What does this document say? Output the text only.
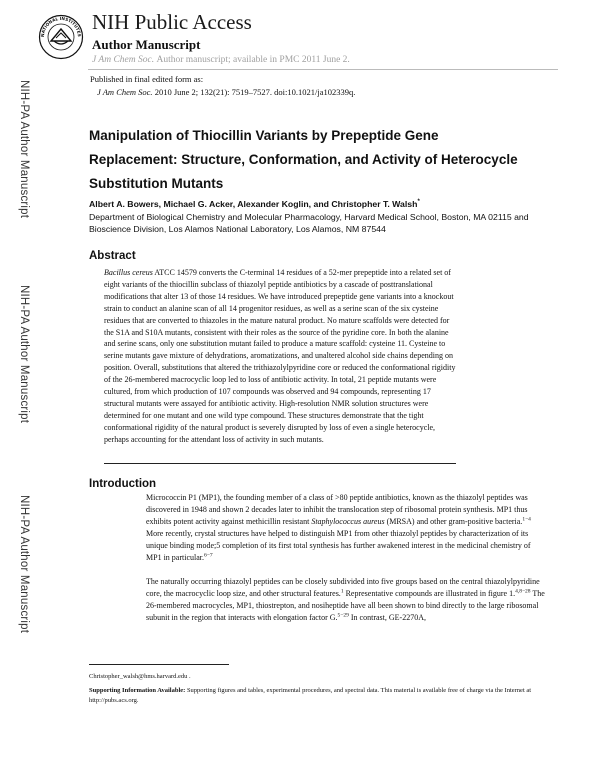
NATIONAL INSTITUTES
NIH Public Access
Author Manuscript
J Am Chem Soc. Author manuscript; available in PMC 2011 June 2.
Published in final edited form as:
J Am Chem Soc. 2010 June 2; 132(21): 7519–7527. doi:10.1021/ja102339q.
NIH-PA Author Manuscript
NIH-PA Author Manuscript
NIH-PA Author Manuscript
Manipulation of Thiocillin Variants by Prepeptide Gene Replacement: Structure, Conformation, and Activity of Heterocycle Substitution Mutants
Albert A. Bowers, Michael G. Acker, Alexander Koglin, and Christopher T. Walsh*
Department of Biological Chemistry and Molecular Pharmacology, Harvard Medical School, Boston, MA 02115 and Bioscience Division, Los Alamos National Laboratory, Los Alamos, NM 87544
Abstract

Bacillus cereus ATCC 14579 converts the C-terminal 14 residues of a 52-mer prepeptide into a related set of eight variants of the thiocillin subclass of thiazolyl peptide antibiotics by a cascade of posttranslational modifications that alter 13 of those 14 residues. We have introduced prepeptide gene variants into a knockout strain to conduct an alanine scan of all 14 progenitor residues, as well as a serine scan of the six cysteine residues that are converted to thiazoles in the mature natural product. No mature scaffolds were detected for the S1A and S10A mutants, consistent with their roles as the source of the pyridine core. In both the alanine and serine scans, only one substitution mutant failed to produce a mature scaffold: cysteine 11. Cysteine to serine mutants gave mixture of dehydrations, aromatizations, and unaltered alcohol side chains depending on position. Overall, substitutions that altered the trithiazolylpyridine core or reduced the conformational rigidity of the 26-membered macrocyclic loop led to loss of antibiotic activity. In total, 21 peptide mutants were cultured, from which production of 107 compounds was observed and 94 compounds, representing 17 structural mutants were assayed for antibiotic activity. High-resolution NMR solution structures were determined for one mutant and one wild type compound. These structures demonstrate that the tight conformational rigidity of the natural product is severely disrupted by loss of even a single heterocycle, perhaps accounting for the attendant loss of activity in such mutants.

Introduction

Micrococcin P1 (MP1), the founding member of a class of >80 peptide antibiotics, known as the thiazolyl peptides was discovered in 1948 and shown 2 decades later to inhibit the translocation step of ribosomal protein synthesis. MP1 thus exhibits potent activity against methicillin resistant Staphylococcus aureus (MRSA) and other gram-positive bacteria.$^{1-4}$ More recently, crystal structures have helped to distinguish MP1 from other thiazolyl peptides by characterization of its unique binding mode;5 completion of its first total synthesis has further awakened interest in the medicinal chemistry of MP1 in particular.$^{6-7}$

The naturally occurring thiazolyl peptides can be closely subdivided into five groups based on the central thiazolylpyridine core, the macrocyclic loop size, and other structural features.$^1$ Representative compounds are illustrated in figure 1.$^{4,8-28}$ The 26-membered macrocycles, MP1, thiostrepton, and nosiheptide have all been shown to bind directly to the large ribosomal subunit in the region that interacts with elongation factor G.$^{5-29}$ In contrast, GE-2270A,

Christopher_walsh@hms.harvard.edu .
Supporting Information Available: Supporting figures and tables, experimental procedures, and spectral data. This material is available free of charge via the Internet at http://pubs.acs.org.
